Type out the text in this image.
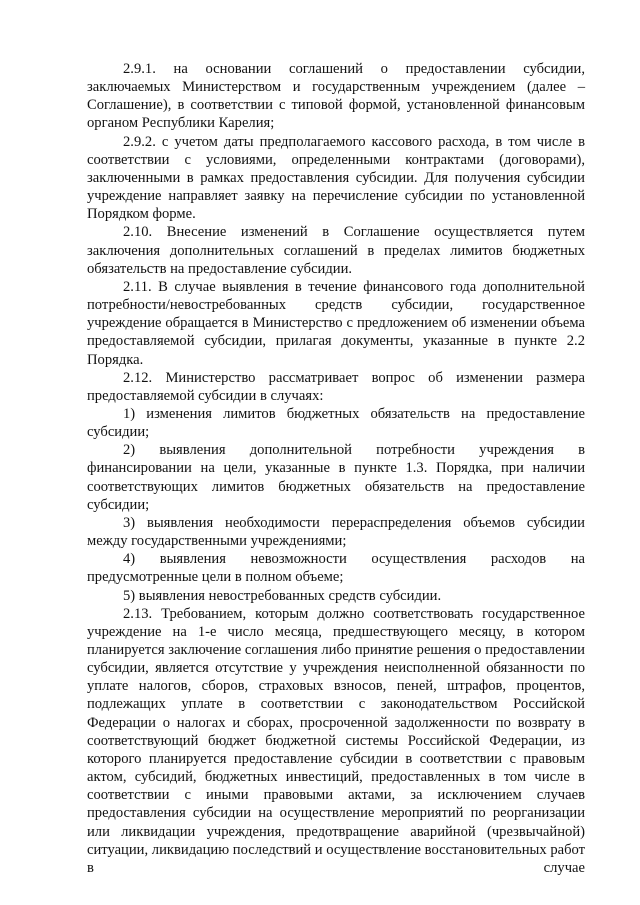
2.9.1. на основании соглашений о предоставлении субсидии, заключаемых Министерством и государственным учреждением (далее – Соглашение), в соответствии с типовой формой, установленной финансовым органом Республики Карелия;

2.9.2. с учетом даты предполагаемого кассового расхода, в том числе в соответствии с условиями, определенными контрактами (договорами), заключенными в рамках предоставления субсидии. Для получения субсидии учреждение направляет заявку на перечисление субсидии по установленной Порядком форме.

2.10. Внесение изменений в Соглашение осуществляется путем заключения дополнительных соглашений в пределах лимитов бюджетных обязательств на предоставление субсидии.

2.11. В случае выявления в течение финансового года дополнительной потребности/невостребованных средств субсидии, государственное учреждение обращается в Министерство с предложением об изменении объема предоставляемой субсидии, прилагая документы, указанные в пункте 2.2 Порядка.

2.12. Министерство рассматривает вопрос об изменении размера предоставляемой субсидии в случаях:

1) изменения лимитов бюджетных обязательств на предоставление субсидии;

2) выявления дополнительной потребности учреждения в финансировании на цели, указанные в пункте 1.3. Порядка, при наличии соответствующих лимитов бюджетных обязательств на предоставление субсидии;

3) выявления необходимости перераспределения объемов субсидии между государственными учреждениями;

4) выявления невозможности осуществления расходов на предусмотренные цели в полном объеме;

5) выявления невостребованных средств субсидии.

2.13. Требованием, которым должно соответствовать государственное учреждение на 1-е число месяца, предшествующего месяцу, в котором планируется заключение соглашения либо принятие решения о предоставлении субсидии, является отсутствие у учреждения неисполненной обязанности по уплате налогов, сборов, страховых взносов, пеней, штрафов, процентов, подлежащих уплате в соответствии с законодательством Российской Федерации о налогах и сборах, просроченной задолженности по возврату в соответствующий бюджет бюджетной системы Российской Федерации, из которого планируется предоставление субсидии в соответствии с правовым актом, субсидий, бюджетных инвестиций, предоставленных в том числе в соответствии с иными правовыми актами, за исключением случаев предоставления субсидии на осуществление мероприятий по реорганизации или ликвидации учреждения, предотвращение аварийной (чрезвычайной) ситуации, ликвидацию последствий и осуществление восстановительных работ в случае
